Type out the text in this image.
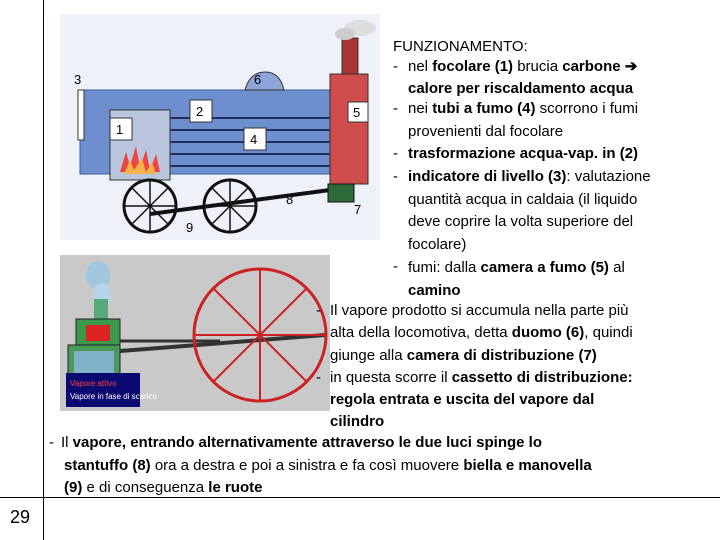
29
1
2
3
4
5
6
7
8
9
Vapore attivo
Vapore in fase di scarico
FUNZIONAMENTO:
- nel focolare (1) brucia carbone ➔
calore per riscaldamento acqua
- nei tubi a fumo (4) scorrono i fumi
provenienti dal focolare
- trasformazione acqua-vap. in (2)
- indicatore di livello (3): valutazione
quantità acqua in caldaia (il liquido
deve coprire la volta superiore del
focolare)
- fumi: dalla camera a fumo (5) al
camino
- Il vapore prodotto si accumula nella parte più
alta della locomotiva, detta duomo (6), quindi
giunge alla camera di distribuzione (7)
- in questa scorre il cassetto di distribuzione:
regola entrata e uscita del vapore dal
cilindro
- Il vapore, entrando alternativamente attraverso le due luci spinge lo
stantuffo (8) ora a destra e poi a sinistra e fa così muovere biella e manovella
(9) e di conseguenza le ruote
